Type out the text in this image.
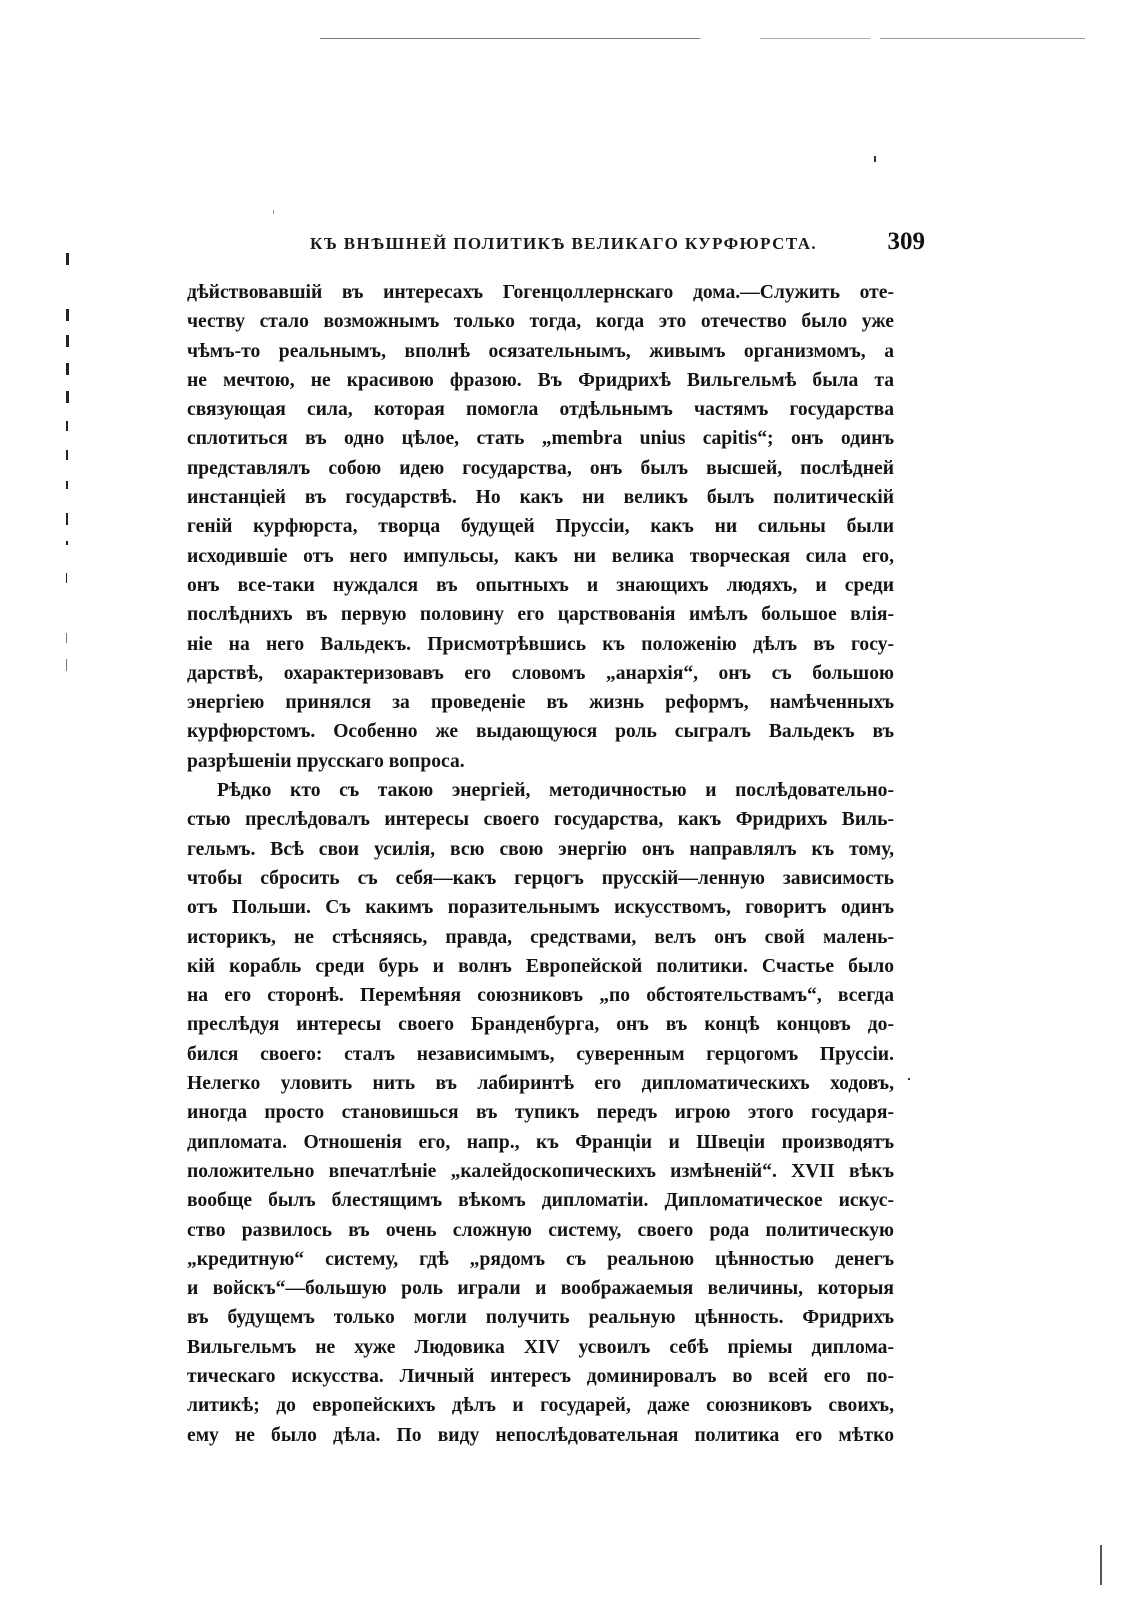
КЪ ВНѢШНЕЙ ПОЛИТИКѢ ВЕЛИКАГО КУРФЮРСТА.	309
дѣйствовавшій въ интересахъ Гогенцоллернскаго дома.—Служить оте-
честву стало возможнымъ только тогда, когда это отечество было уже
чѣмъ-то реальнымъ, вполнѣ осязательнымъ, живымъ организмомъ, а
не мечтою, не красивою фразою. Въ Фридрихѣ Вильгельмѣ была та
связующая сила, которая помогла отдѣльнымъ частямъ государства
сплотиться въ одно цѣлое, стать „membra unius capitis“; онъ одинъ
представлялъ собою идею государства, онъ былъ высшей, послѣдней
инстанціей въ государствѣ. Но какъ ни великъ былъ политическій
геній курфюрста, творца будущей Пруссіи, какъ ни сильны были
исходившіе отъ него импульсы, какъ ни велика творческая сила его,
онъ все-таки нуждался въ опытныхъ и знающихъ людяхъ, и среди
послѣднихъ въ первую половину его царствованія имѣлъ большое влія-
ніе на него Вальдекъ. Присмотрѣвшись къ положенію дѣлъ въ госу-
дарствѣ, охарактеризовавъ его словомъ „анархія“, онъ съ большою
энергіею принялся за проведеніе въ жизнь реформъ, намѣченныхъ
курфюрстомъ. Особенно же выдающуюся роль сыгралъ Вальдекъ въ
разрѣшеніи прусскаго вопроса.
Рѣдко кто съ такою энергіей, методичностью и послѣдовательно-
стью преслѣдовалъ интересы своего государства, какъ Фридрихъ Виль-
гельмъ. Всѣ свои усилія, всю свою энергію онъ направлялъ къ тому,
чтобы сбросить съ себя—какъ герцогъ прусскій—ленную зависимость
отъ Польши. Съ какимъ поразительнымъ искусствомъ, говоритъ одинъ
историкъ, не стѣсняясь, правда, средствами, велъ онъ свой малень-
кій корабль среди бурь и волнъ Европейской политики. Счастье было
на его сторонѣ. Перемѣняя союзниковъ „по обстоятельствамъ“, всегда
преслѣдуя интересы своего Бранденбурга, онъ въ концѣ концовъ до-
бился своего: сталъ независимымъ, суверенным герцогомъ Пруссіи.
Нелегко уловить нить въ лабиринтѣ его дипломатическихъ ходовъ,
иногда просто становишься въ тупикъ передъ игрою этого государя-
дипломата. Отношенія его, напр., къ Франціи и Швеціи производятъ
положительно впечатлѣніе „калейдоскопическихъ измѣненій“. XVII вѣкъ
вообще былъ блестящимъ вѣкомъ дипломатіи. Дипломатическое искус-
ство развилось въ очень сложную систему, своего рода политическую
„кредитную“ систему, гдѣ „рядомъ съ реальною цѣнностью денегъ
и войскъ“—большую роль играли и воображаемыя величины, которыя
въ будущемъ только могли получить реальную цѣнность. Фридрихъ
Вильгельмъ не хуже Людовика XIV усвоилъ себѣ пріемы диплома-
тическаго искусства. Личный интересъ доминировалъ во всей его по-
литикѣ; до европейскихъ дѣлъ и государей, даже союзниковъ своихъ,
ему не было дѣла. По виду непослѣдовательная политика его мѣтко
